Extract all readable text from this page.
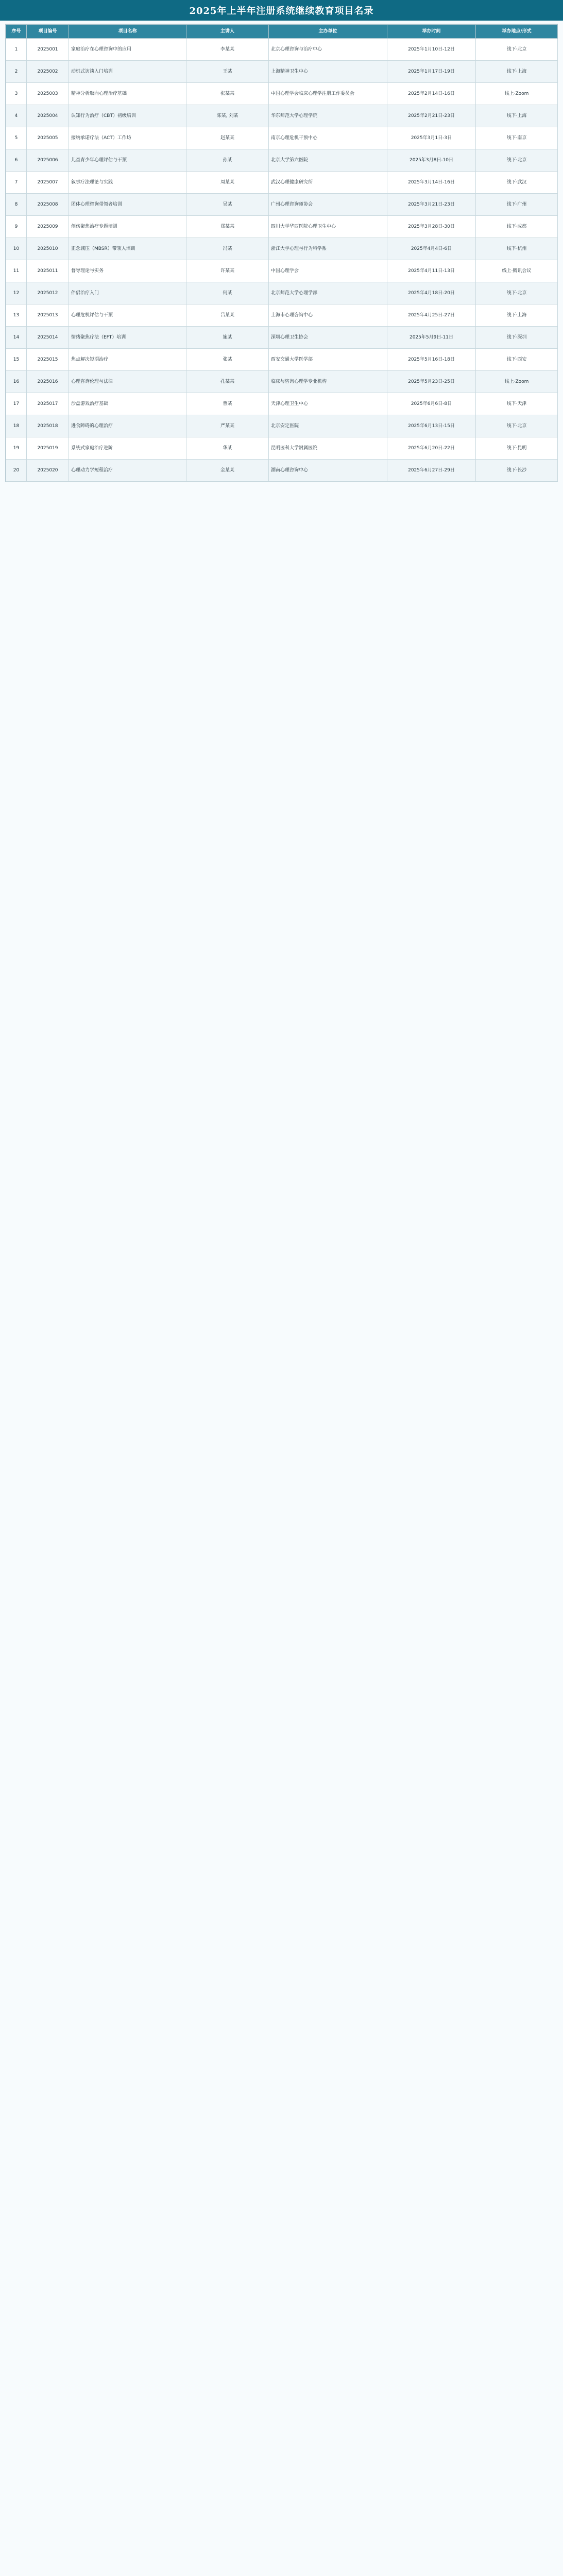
2025年上半年注册系统继续教育项目名录
序号	项目编号	项目名称	主讲人	主办单位	举办时间	举办地点/形式
1	2025001	家庭治疗在心理咨询中的应用	李某某	北京心理咨询与治疗中心	2025年1月10日-12日	线下·北京
2	2025002	动机式访谈入门培训	王某	上海精神卫生中心	2025年1月17日-19日	线下·上海
3	2025003	精神分析取向心理治疗基础	张某某	中国心理学会临床心理学注册工作委员会	2025年2月14日-16日	线上·Zoom
4	2025004	认知行为治疗（CBT）初级培训	陈某, 刘某	华东师范大学心理学院	2025年2月21日-23日	线下·上海
5	2025005	接纳承诺疗法（ACT）工作坊	赵某某	南京心理危机干预中心	2025年3月1日-3日	线下·南京
6	2025006	儿童青少年心理评估与干预	孙某	北京大学第六医院	2025年3月8日-10日	线下·北京
7	2025007	叙事疗法理论与实践	周某某	武汉心理健康研究所	2025年3月14日-16日	线下·武汉
8	2025008	团体心理咨询带领者培训	吴某	广州心理咨询师协会	2025年3月21日-23日	线下·广州
9	2025009	创伤聚焦治疗专题培训	郑某某	四川大学华西医院心理卫生中心	2025年3月28日-30日	线下·成都
10	2025010	正念减压（MBSR）带领人培训	冯某	浙江大学心理与行为科学系	2025年4月4日-6日	线下·杭州
11	2025011	督导理论与实务	许某某	中国心理学会	2025年4月11日-13日	线上·腾讯会议
12	2025012	伴侣治疗入门	何某	北京师范大学心理学部	2025年4月18日-20日	线下·北京
13	2025013	心理危机评估与干预	吕某某	上海市心理咨询中心	2025年4月25日-27日	线下·上海
14	2025014	情绪聚焦疗法（EFT）培训	施某	深圳心理卫生协会	2025年5月9日-11日	线下·深圳
15	2025015	焦点解决短期治疗	张某	西安交通大学医学部	2025年5月16日-18日	线下·西安
16	2025016	心理咨询伦理与法律	孔某某	临床与咨询心理学专业机构	2025年5月23日-25日	线上·Zoom
17	2025017	沙盘游戏治疗基础	曹某	天津心理卫生中心	2025年6月6日-8日	线下·天津
18	2025018	进食障碍的心理治疗	严某某	北京安定医院	2025年6月13日-15日	线下·北京
19	2025019	系统式家庭治疗进阶	华某	昆明医科大学附属医院	2025年6月20日-22日	线下·昆明
20	2025020	心理动力学短程治疗	金某某	湖南心理咨询中心	2025年6月27日-29日	线下·长沙
